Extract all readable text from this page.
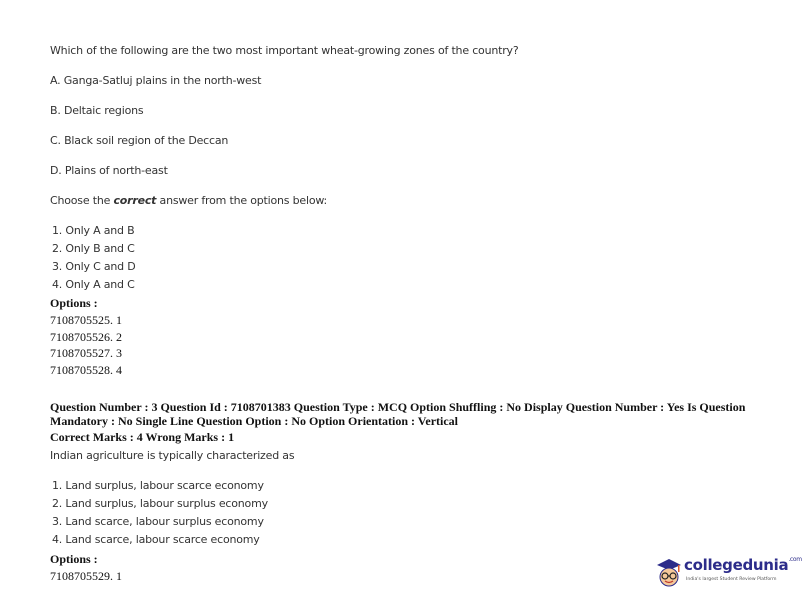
Which of the following are the two most important wheat-growing zones of the country?
A. Ganga-Satluj plains in the north-west
B. Deltaic regions
C. Black soil region of the Deccan
D. Plains of north-east
Choose the correct answer from the options below:
1. Only A and B
2. Only B and C
3. Only C and D
4. Only A and C
Options :
7108705525. 1
7108705526. 2
7108705527. 3
7108705528. 4
Question Number : 3 Question Id : 7108701383 Question Type : MCQ Option Shuffling : No Display Question Number : Yes Is Question Mandatory : No Single Line Question Option : No Option Orientation : Vertical
Correct Marks : 4 Wrong Marks : 1
Indian agriculture is typically characterized as
1. Land surplus, labour scarce economy
2. Land surplus, labour surplus economy
3. Land scarce, labour surplus economy
4. Land scarce, labour scarce economy
Options :
7108705529. 1
collegedunia$^{.com}$
India's largest Student Review Platform
